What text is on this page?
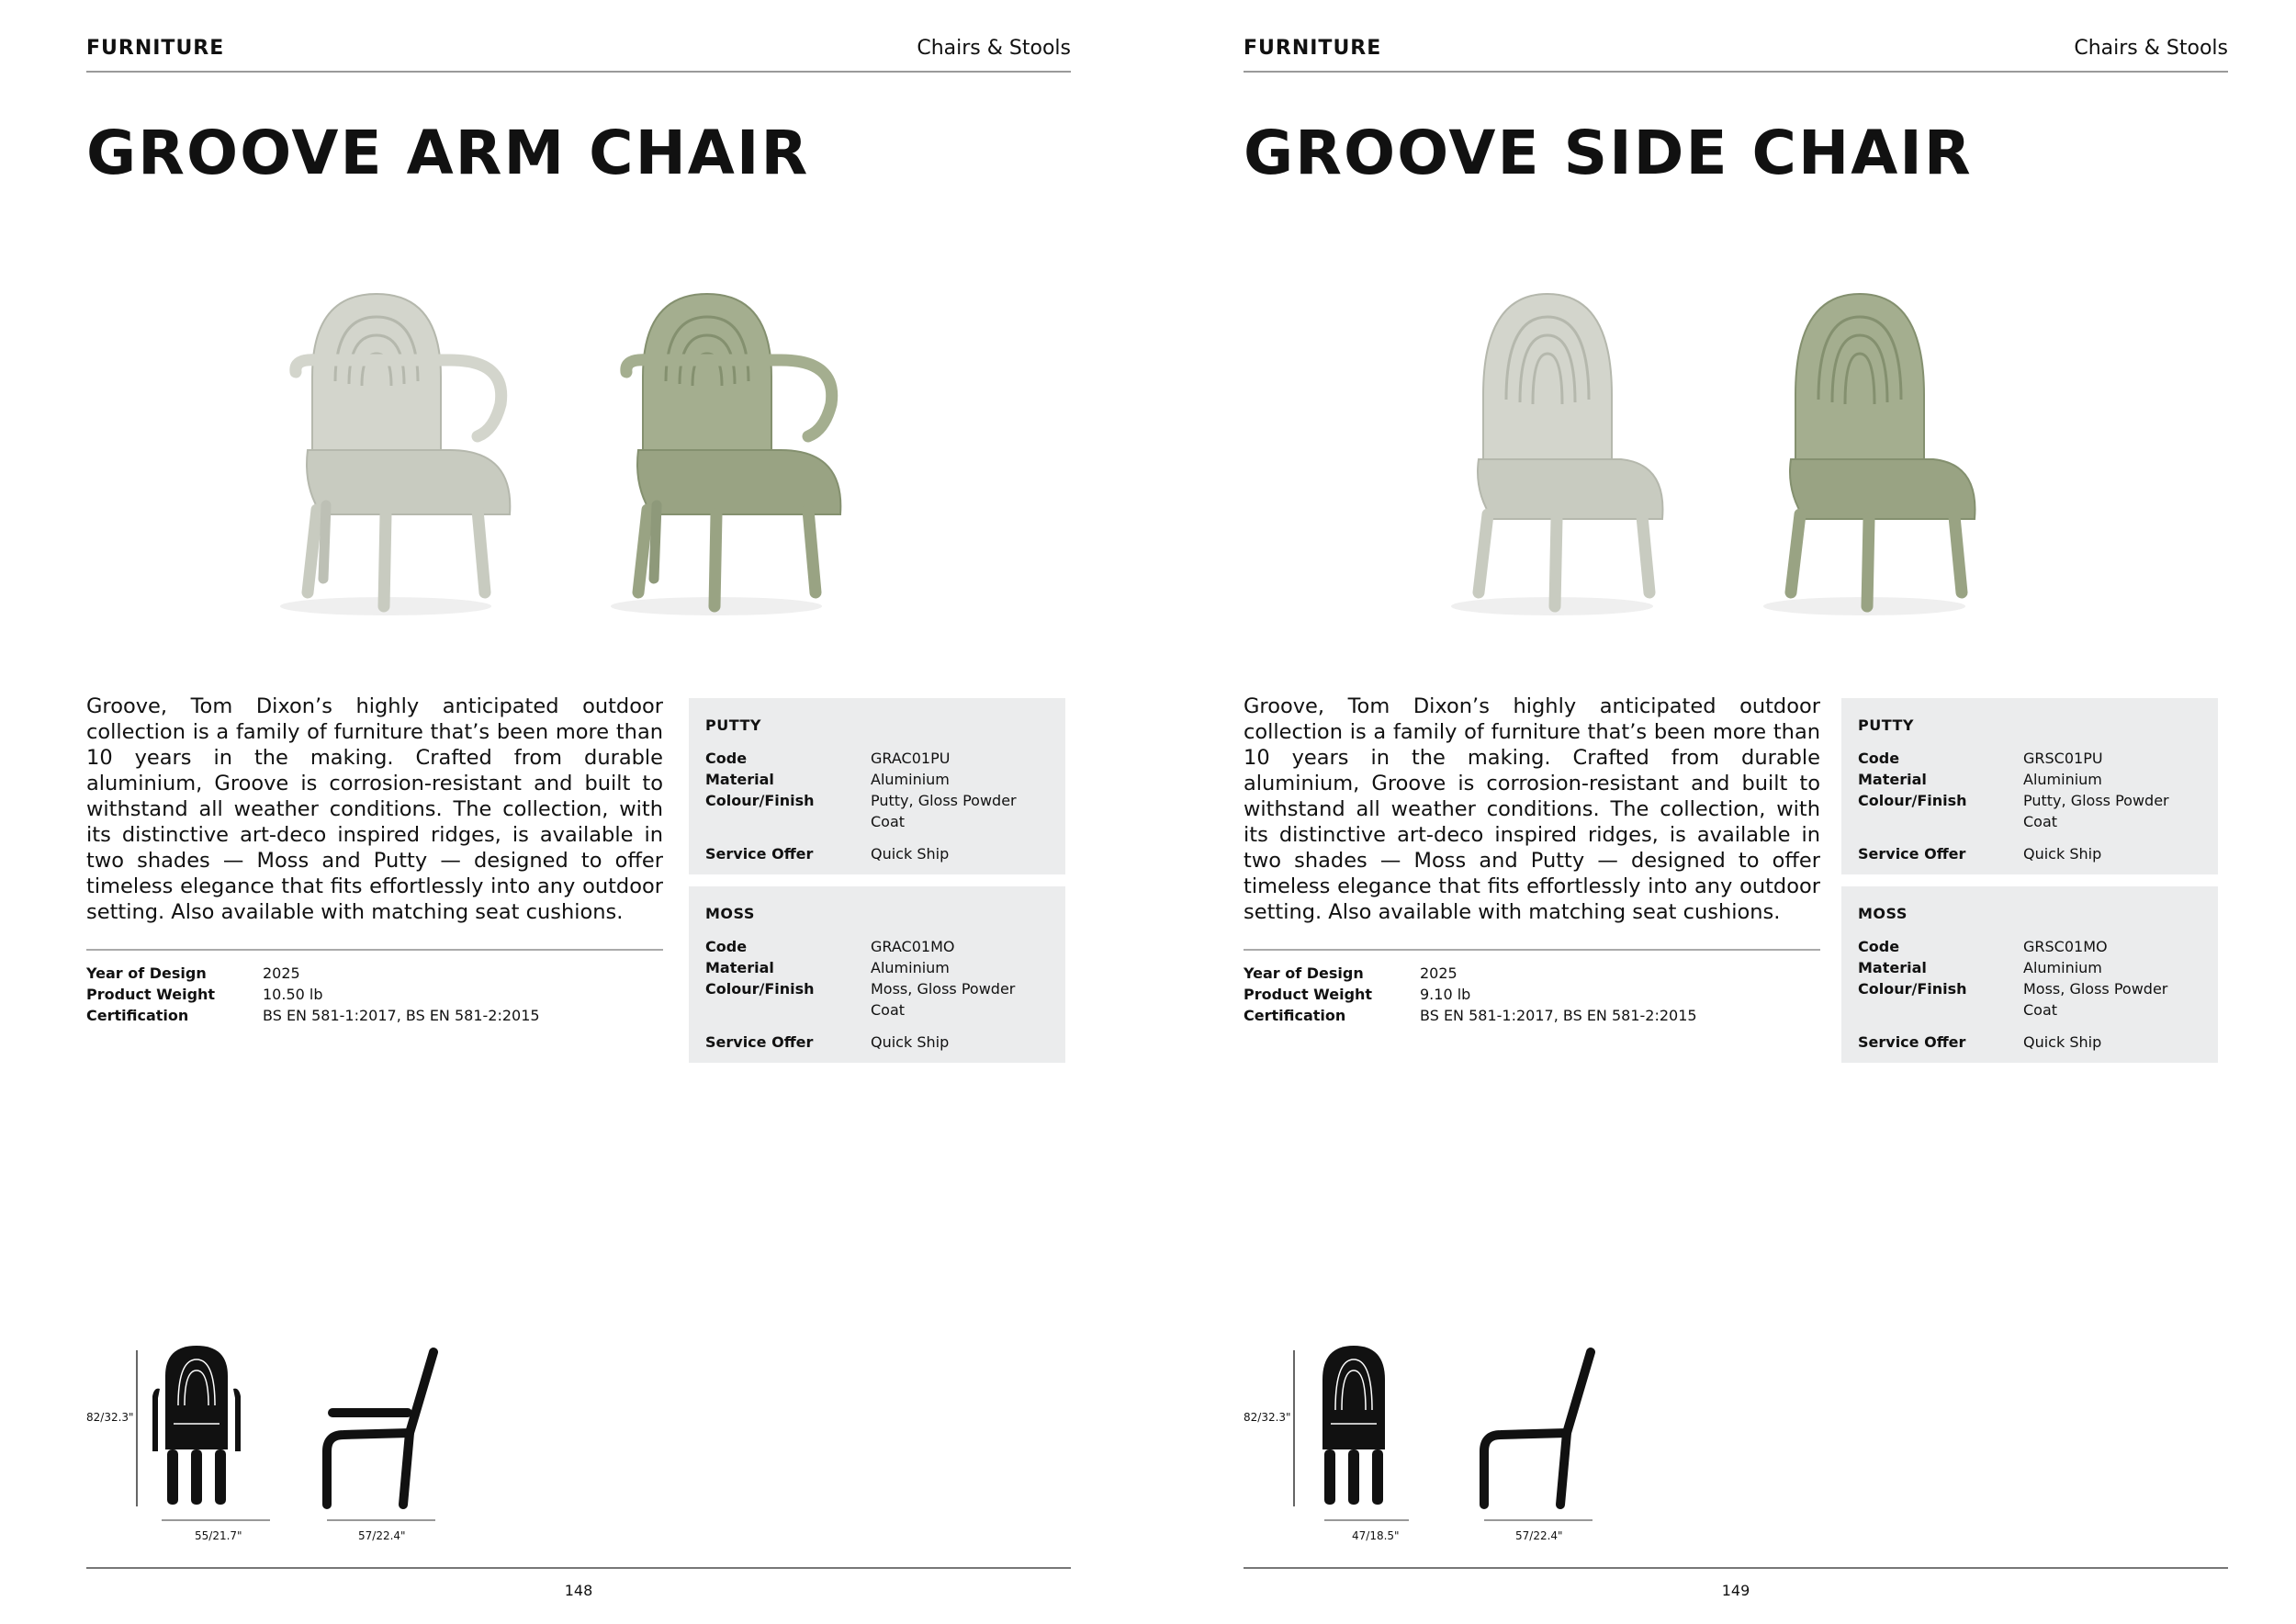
FURNITURE	Chairs & Stools
GROOVE ARM CHAIR

Groove, Tom Dixon’s highly anticipated outdoor collection is a family of furniture that’s been more than 10 years in the making. Crafted from durable aluminium, Groove is corrosion-resistant and built to withstand all weather conditions. The collection, with its distinctive art-deco inspired ridges, is available in two shades — Moss and Putty — designed to offer timeless elegance that fits effortlessly into any outdoor setting. Also available with matching seat cushions.

Year of Design	2025
Product Weight	10.50 lb
Certification	BS EN 581-1:2017, BS EN 581-2:2015
PUTTY
Code	GRAC01PU
Material	Aluminium
Colour/Finish	Putty, Gloss Powder Coat
Service Offer	Quick Ship
MOSS
Code	GRAC01MO
Material	Aluminium
Colour/Finish	Moss, Gloss Powder Coat
Service Offer	Quick Ship
82/32.3"
55/21.7"	57/22.4"
148
FURNITURE	Chairs & Stools
GROOVE SIDE CHAIR

Groove, Tom Dixon’s highly anticipated outdoor collection is a family of furniture that’s been more than 10 years in the making. Crafted from durable aluminium, Groove is corrosion-resistant and built to withstand all weather conditions. The collection, with its distinctive art-deco inspired ridges, is available in two shades — Moss and Putty — designed to offer timeless elegance that fits effortlessly into any outdoor setting. Also available with matching seat cushions.

Year of Design	2025
Product Weight	9.10 lb
Certification	BS EN 581-1:2017, BS EN 581-2:2015
PUTTY
Code	GRSC01PU
Material	Aluminium
Colour/Finish	Putty, Gloss Powder Coat
Service Offer	Quick Ship
MOSS
Code	GRSC01MO
Material	Aluminium
Colour/Finish	Moss, Gloss Powder Coat
Service Offer	Quick Ship
82/32.3"
47/18.5"	57/22.4"
149
